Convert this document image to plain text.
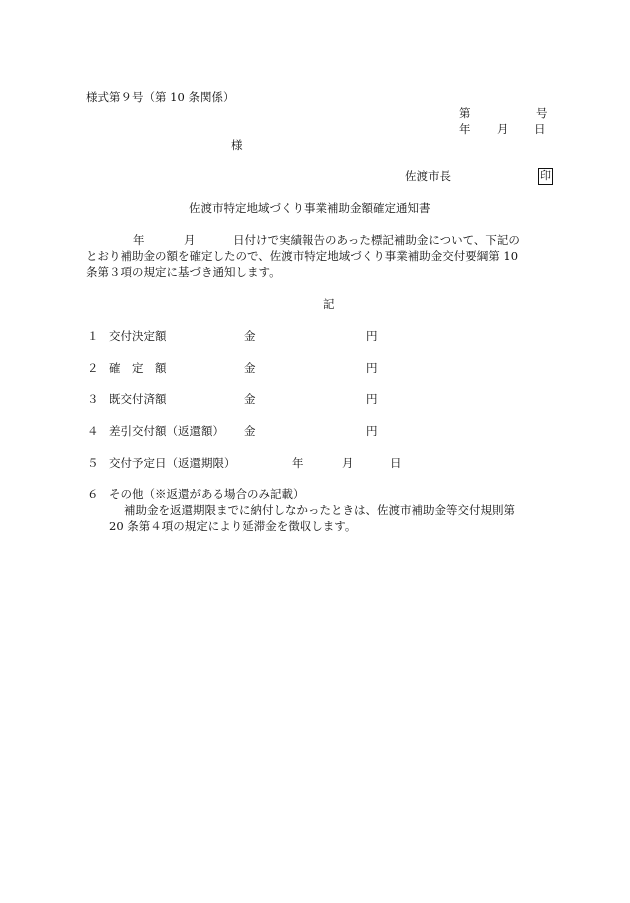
様式第９号（第 10 条関係）
第	号
年 月 日
様
佐渡市長	印
佐渡市特定地域づくり事業補助金額確定通知書
年	月	日付けで実績報告のあった標記補助金について、下記の
とおり補助金の額を確定したので、佐渡市特定地域づくり事業補助金交付要綱第 10
条第３項の規定に基づき通知します。
記
１ 交付決定額	金	円
２ 確　定　額	金	円
３ 既交付済額	金	円
４ 差引交付額（返還額） 金	円
５ 交付予定日（返還期限）	年	月	日
６ その他（※返還がある場合のみ記載）
補助金を返還期限までに納付しなかったときは、佐渡市補助金等交付規則第
20 条第４項の規定により延滞金を徴収します。
